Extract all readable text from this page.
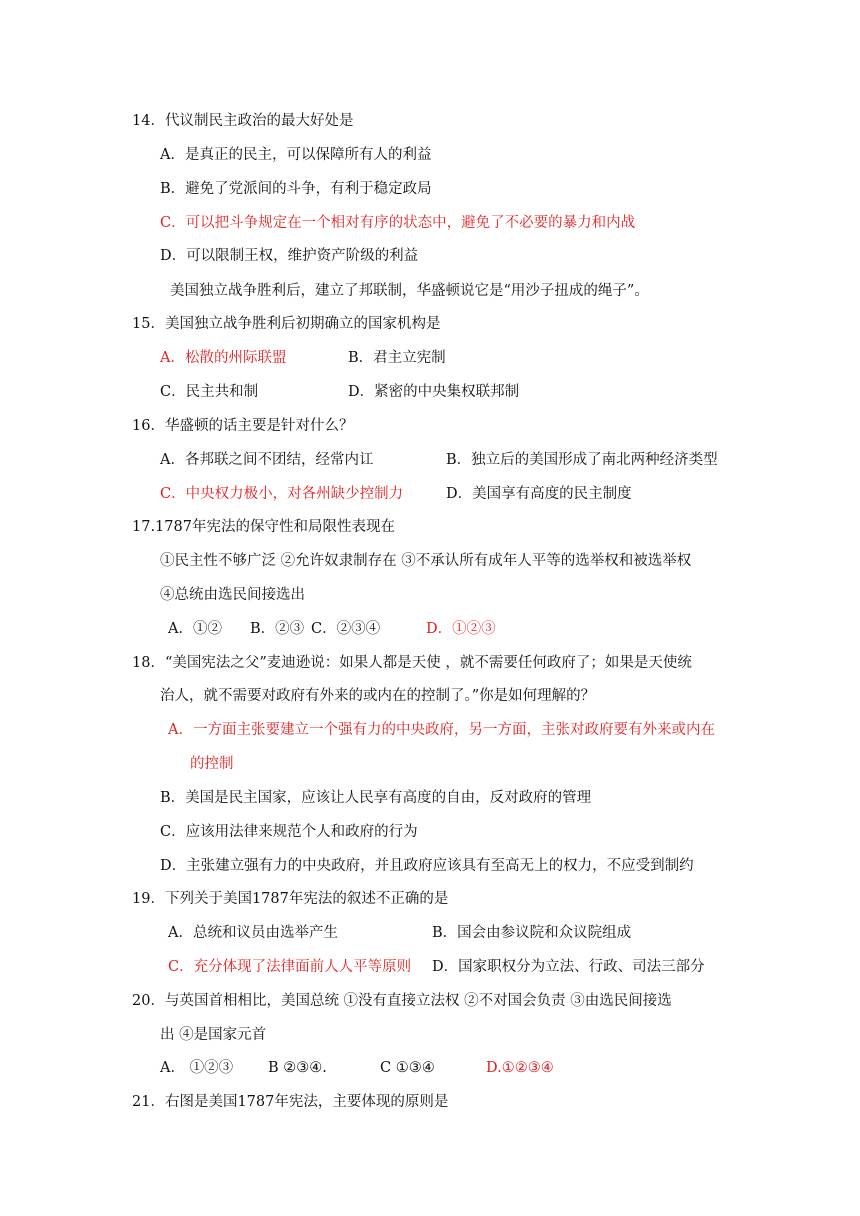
14．代议制民主政治的最大好处是
A．是真正的民主，可以保障所有人的利益
B．避免了党派间的斗争，有利于稳定政局
C．可以把斗争规定在一个相对有序的状态中，避免了不必要的暴力和内战
D．可以限制王权，维护资产阶级的利益
美国独立战争胜利后，建立了邦联制，华盛顿说它是“用沙子扭成的绳子”。
15．美国独立战争胜利后初期确立的国家机构是
A．松散的州际联盟	B．君主立宪制
C．民主共和制	D．紧密的中央集权联邦制
16．华盛顿的话主要是针对什么？
A．各邦联之间不团结，经常内讧	B．独立后的美国形成了南北两种经济类型
C．中央权力极小，对各州缺少控制力	D．美国享有高度的民主制度
17.1787年宪法的保守性和局限性表现在
①民主性不够广泛 ②允许奴隶制存在 ③不承认所有成年人平等的选举权和被选举权
④总统由选民间接选出
A．①② B．②③ C．②③④	D．①②③
18．“美国宪法之父”麦迪逊说：如果人都是天使 ，就不需要任何政府了；如果是天使统
治人，就不需要对政府有外来的或内在的控制了。”你是如何理解的？
A．一方面主张要建立一个强有力的中央政府，另一方面，主张对政府要有外来或内在
的控制
B．美国是民主国家，应该让人民享有高度的自由，反对政府的管理
C．应该用法律来规范个人和政府的行为
D．主张建立强有力的中央政府，并且政府应该具有至高无上的权力，不应受到制约
19．下列关于美国1787年宪法的叙述不正确的是
A．总统和议员由选举产生	B．国会由参议院和众议院组成
C．充分体现了法律面前人人平等原则 D．国家职权分为立法、行政、司法三部分
20．与英国首相相比，美国总统 ①没有直接立法权 ②不对国会负责 ③由选民间接选
出 ④是国家元首
A． ①②③ B ②③④.	C ①③④	D.①②③④
21．右图是美国1787年宪法，主要体现的原则是
